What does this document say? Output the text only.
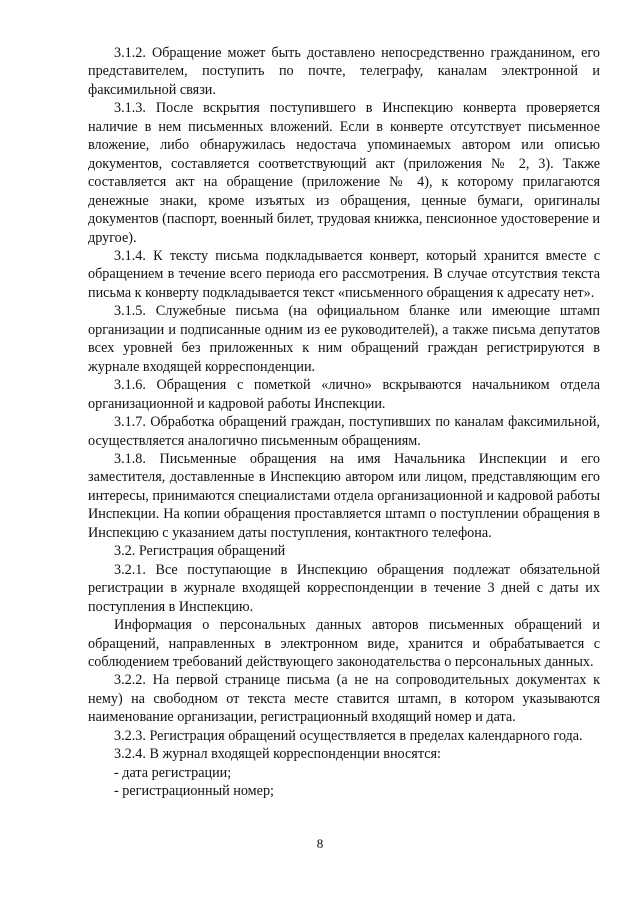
3.1.2. Обращение может быть доставлено непосредственно гражданином, его представителем, поступить по почте, телеграфу, каналам электронной и факсимильной связи.

3.1.3. После вскрытия поступившего в Инспекцию конверта проверяется наличие в нем письменных вложений. Если в конверте отсутствует письменное вложение, либо обнаружилась недостача упоминаемых автором или описью документов, составляется соответствующий акт (приложения № 2, 3). Также составляется акт на обращение (приложение № 4), к которому прилагаются денежные знаки, кроме изъятых из обращения, ценные бумаги, оригиналы документов (паспорт, военный билет, трудовая книжка, пенсионное удостоверение и другое).

3.1.4. К тексту письма подкладывается конверт, который хранится вместе с обращением в течение всего периода его рассмотрения. В случае отсутствия текста письма к конверту подкладывается текст «письменного обращения к адресату нет».

3.1.5. Служебные письма (на официальном бланке или имеющие штамп организации и подписанные одним из ее руководителей), а также письма депутатов всех уровней без приложенных к ним обращений граждан регистрируются в журнале входящей корреспонденции.

3.1.6. Обращения с пометкой «лично» вскрываются начальником отдела организационной и кадровой работы Инспекции.

3.1.7. Обработка обращений граждан, поступивших по каналам факсимильной, осуществляется аналогично письменным обращениям.

3.1.8. Письменные обращения на имя Начальника Инспекции и его заместителя, доставленные в Инспекцию автором или лицом, представляющим его интересы, принимаются специалистами отдела организационной и кадровой работы Инспекции. На копии обращения проставляется штамп о поступлении обращения в Инспекцию с указанием даты поступления, контактного телефона.

3.2. Регистрация обращений

3.2.1. Все поступающие в Инспекцию обращения подлежат обязательной регистрации в журнале входящей корреспонденции в течение 3 дней с даты их поступления в Инспекцию.

Информация о персональных данных авторов письменных обращений и обращений, направленных в электронном виде, хранится и обрабатывается с соблюдением требований действующего законодательства о персональных данных.

3.2.2. На первой странице письма (а не на сопроводительных документах к нему) на свободном от текста месте ставится штамп, в котором указываются наименование организации, регистрационный входящий номер и дата.

3.2.3. Регистрация обращений осуществляется в пределах календарного года.

3.2.4. В журнал входящей корреспонденции вносятся:

- дата регистрации;

- регистрационный номер;

8
